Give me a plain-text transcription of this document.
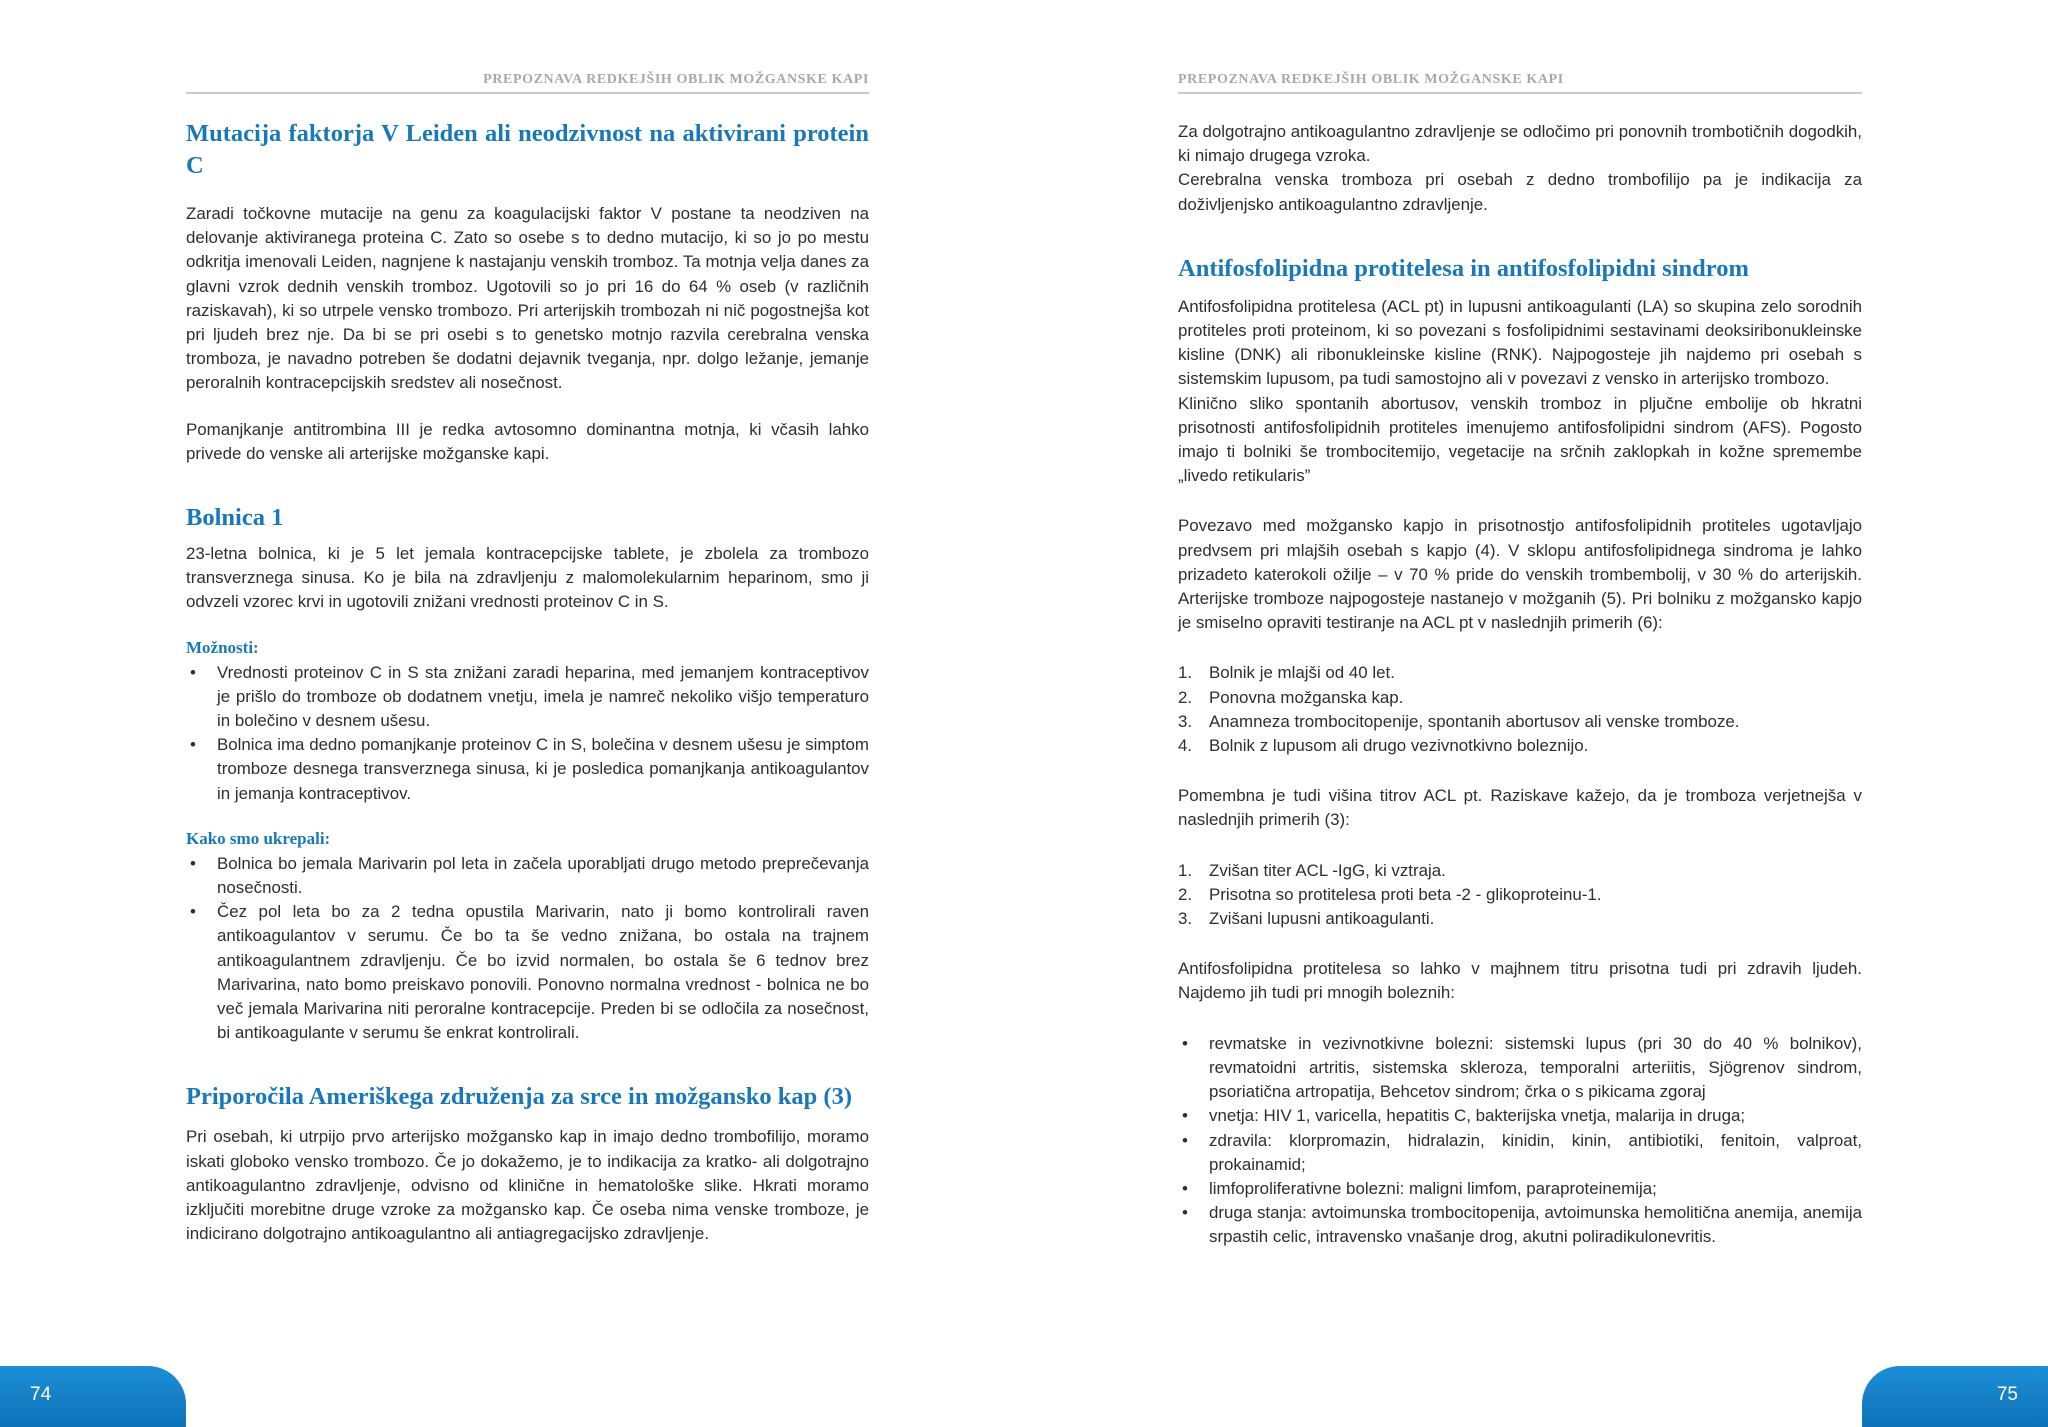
PREPOZNAVA REDKEJŠIH OBLIK MOŽGANSKE KAPI
Mutacija faktorja V Leiden ali neodzivnost na aktivirani protein C

Zaradi točkovne mutacije na genu za koagulacijski faktor V postane ta neodziven na delovanje aktiviranega proteina C. Zato so osebe s to dedno mutacijo, ki so jo po mestu odkritja imenovali Leiden, nagnjene k nastajanju venskih tromboz. Ta motnja velja danes za glavni vzrok dednih venskih tromboz. Ugotovili so jo pri 16 do 64 % oseb (v različnih raziskavah), ki so utrpele vensko trombozo. Pri arterijskih trombozah ni nič pogostnejša kot pri ljudeh brez nje. Da bi se pri osebi s to genetsko motnjo razvila cerebralna venska tromboza, je navadno potreben še dodatni dejavnik tveganja, npr. dolgo ležanje, jemanje peroralnih kontracepcijskih sredstev ali nosečnost.

Pomanjkanje antitrombina III je redka avtosomno dominantna motnja, ki včasih lahko privede do venske ali arterijske možganske kapi.

Bolnica 1

23-letna bolnica, ki je 5 let jemala kontracepcijske tablete, je zbolela za trombozo transverznega sinusa. Ko je bila na zdravljenju z malomolekularnim heparinom, smo ji odvzeli vzorec krvi in ugotovili znižani vrednosti proteinov C in S.

Možnosti:
• Vrednosti proteinov C in S sta znižani zaradi heparina, med jemanjem kontraceptivov je prišlo do tromboze ob dodatnem vnetju, imela je namreč nekoliko višjo temperaturo in bolečino v desnem ušesu.
• Bolnica ima dedno pomanjkanje proteinov C in S, bolečina v desnem ušesu je simptom tromboze desnega transverznega sinusa, ki je posledica pomanjkanja antikoagulantov in jemanja kontraceptivov.
Kako smo ukrepali:
• Bolnica bo jemala Marivarin pol leta in začela uporabljati drugo metodo preprečevanja nosečnosti.
• Čez pol leta bo za 2 tedna opustila Marivarin, nato ji bomo kontrolirali raven antikoagulantov v serumu. Če bo ta še vedno znižana, bo ostala na trajnem antikoagulantnem zdravljenju. Če bo izvid normalen, bo ostala še 6 tednov brez Marivarina, nato bomo preiskavo ponovili. Ponovno normalna vrednost - bolnica ne bo več jemala Marivarina niti peroralne kontracepcije. Preden bi se odločila za nosečnost, bi antikoagulante v serumu še enkrat kontrolirali.
Priporočila Ameriškega združenja za srce in možgansko kap (3)

Pri osebah, ki utrpijo prvo arterijsko možgansko kap in imajo dedno trombofilijo, moramo iskati globoko vensko trombozo. Če jo dokažemo, je to indikacija za kratko- ali dolgotrajno antikoagulantno zdravljenje, odvisno od klinične in hematološke slike. Hkrati moramo izključiti morebitne druge vzroke za možgansko kap. Če oseba nima venske tromboze, je indicirano dolgotrajno antikoagulantno ali antiagregacijsko zdravljenje.

PREPOZNAVA REDKEJŠIH OBLIK MOŽGANSKE KAPI

Za dolgotrajno antikoagulantno zdravljenje se odločimo pri ponovnih trombotičnih dogodkih, ki nimajo drugega vzroka.

Cerebralna venska tromboza pri osebah z dedno trombofilijo pa je indikacija za doživljenjsko antikoagulantno zdravljenje.

Antifosfolipidna protitelesa in antifosfolipidni sindrom

Antifosfolipidna protitelesa (ACL pt) in lupusni antikoagulanti (LA) so skupina zelo sorodnih protiteles proti proteinom, ki so povezani s fosfolipidnimi sestavinami deoksiribonukleinske kisline (DNK) ali ribonukleinske kisline (RNK). Najpogosteje jih najdemo pri osebah s sistemskim lupusom, pa tudi samostojno ali v povezavi z vensko in arterijsko trombozo.

Klinično sliko spontanih abortusov, venskih tromboz in pljučne embolije ob hkratni prisotnosti antifosfolipidnih protiteles imenujemo antifosfolipidni sindrom (AFS). Pogosto imajo ti bolniki še trombocitemijo, vegetacije na srčnih zaklopkah in kožne spremembe „livedo retikularis”

Povezavo med možgansko kapjo in prisotnostjo antifosfolipidnih protiteles ugotavljajo predvsem pri mlajših osebah s kapjo (4). V sklopu antifosfolipidnega sindroma je lahko prizadeto katerokoli ožilje – v 70 % pride do venskih trombembolij, v 30 % do arterijskih. Arterijske tromboze najpogosteje nastanejo v možganih (5). Pri bolniku z možgansko kapjo je smiselno opraviti testiranje na ACL pt v naslednjih primerih (6):

1. Bolnik je mlajši od 40 let.
2. Ponovna možganska kap.
3. Anamneza trombocitopenije, spontanih abortusov ali venske tromboze.
4. Bolnik z lupusom ali drugo vezivnotkivno boleznijo.

Pomembna je tudi višina titrov ACL pt. Raziskave kažejo, da je tromboza verjetnejša v naslednjih primerih (3):

1. Zvišan titer ACL -IgG, ki vztraja.
2. Prisotna so protitelesa proti beta -2 - glikoproteinu-1.
3. Zvišani lupusni antikoagulanti.

Antifosfolipidna protitelesa so lahko v majhnem titru prisotna tudi pri zdravih ljudeh. Najdemo jih tudi pri mnogih boleznih:

• revmatske in vezivnotkivne bolezni: sistemski lupus (pri 30 do 40 % bolnikov), revmatoidni artritis, sistemska skleroza, temporalni arteriitis, Sjögrenov sindrom, psoriatična artropatija, Behcetov sindrom; črka o s pikicama zgoraj
• vnetja: HIV 1, varicella, hepatitis C, bakterijska vnetja, malarija in druga;
• zdravila: klorpromazin, hidralazin, kinidin, kinin, antibiotiki, fenitoin, valproat, prokainamid;
• limfoproliferativne bolezni: maligni limfom, paraproteinemija;
• druga stanja: avtoimunska trombocitopenija, avtoimunska hemolitična anemija, anemija srpastih celic, intravensko vnašanje drog, akutni poliradikulonevritis.
74	75
